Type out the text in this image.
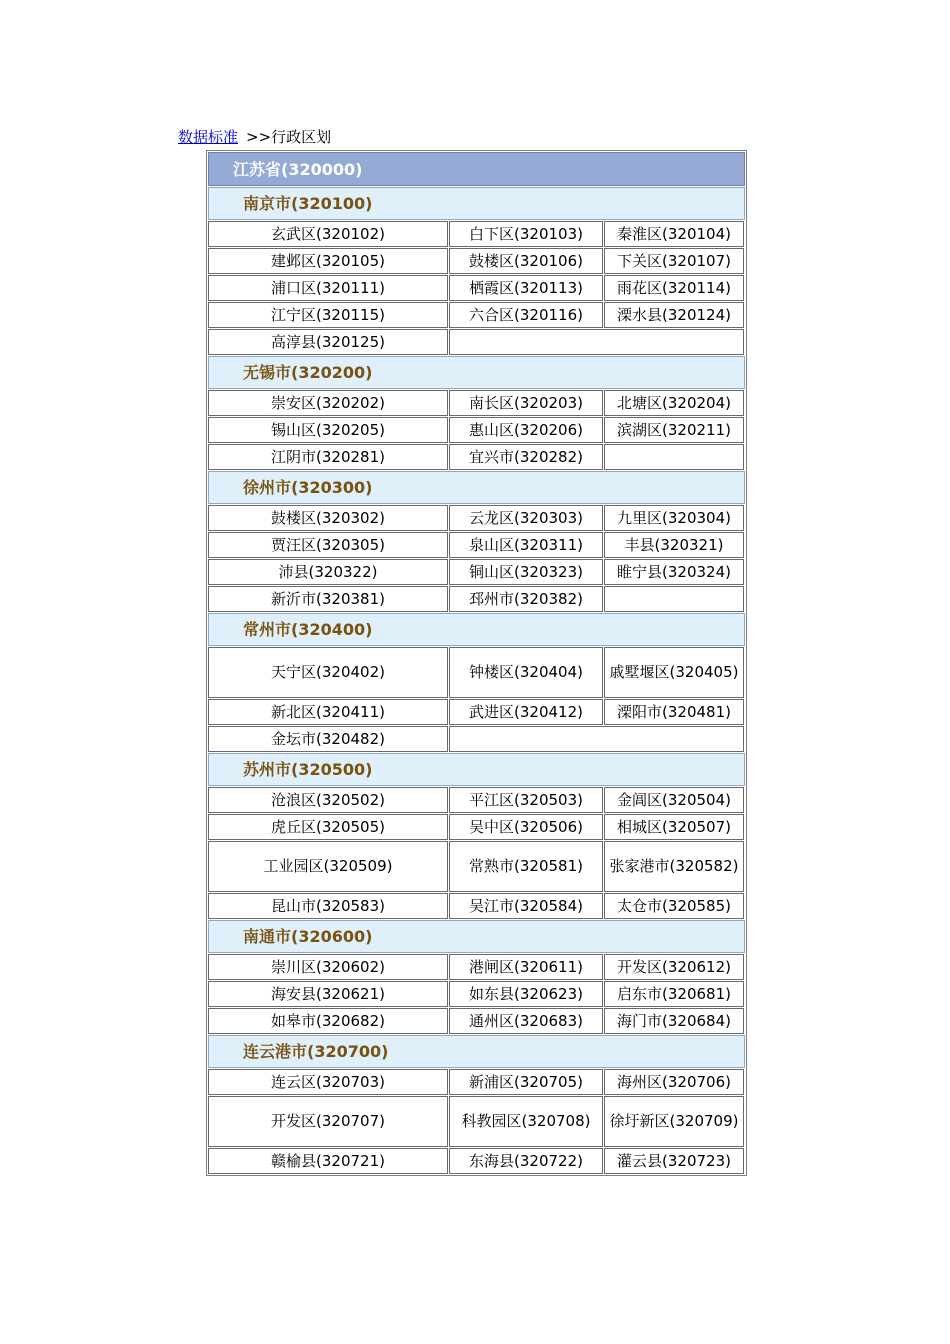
数据标准 >>行政区划
江苏省(320000)
南京市(320100)
玄武区(320102)	白下区(320103)	秦淮区(320104)
建邺区(320105)	鼓楼区(320106)	下关区(320107)
浦口区(320111)	栖霞区(320113)	雨花区(320114)
江宁区(320115)	六合区(320116)	溧水县(320124)
高淳县(320125)
无锡市(320200)
崇安区(320202)	南长区(320203)	北塘区(320204)
锡山区(320205)	惠山区(320206)	滨湖区(320211)
江阴市(320281)	宜兴市(320282)
徐州市(320300)
鼓楼区(320302)	云龙区(320303)	九里区(320304)
贾汪区(320305)	泉山区(320311)	丰县(320321)
沛县(320322)	铜山区(320323)	睢宁县(320324)
新沂市(320381)	邳州市(320382)
常州市(320400)
天宁区(320402)	钟楼区(320404)	戚墅堰区(320405)
新北区(320411)	武进区(320412)	溧阳市(320481)
金坛市(320482)
苏州市(320500)
沧浪区(320502)	平江区(320503)	金阊区(320504)
虎丘区(320505)	吴中区(320506)	相城区(320507)
工业园区(320509)	常熟市(320581)	张家港市(320582)
昆山市(320583)	吴江市(320584)	太仓市(320585)
南通市(320600)
崇川区(320602)	港闸区(320611)	开发区(320612)
海安县(320621)	如东县(320623)	启东市(320681)
如皋市(320682)	通州区(320683)	海门市(320684)
连云港市(320700)
连云区(320703)	新浦区(320705)	海州区(320706)
开发区(320707)	科教园区(320708)	徐圩新区(320709)
赣榆县(320721)	东海县(320722)	灌云县(320723)
